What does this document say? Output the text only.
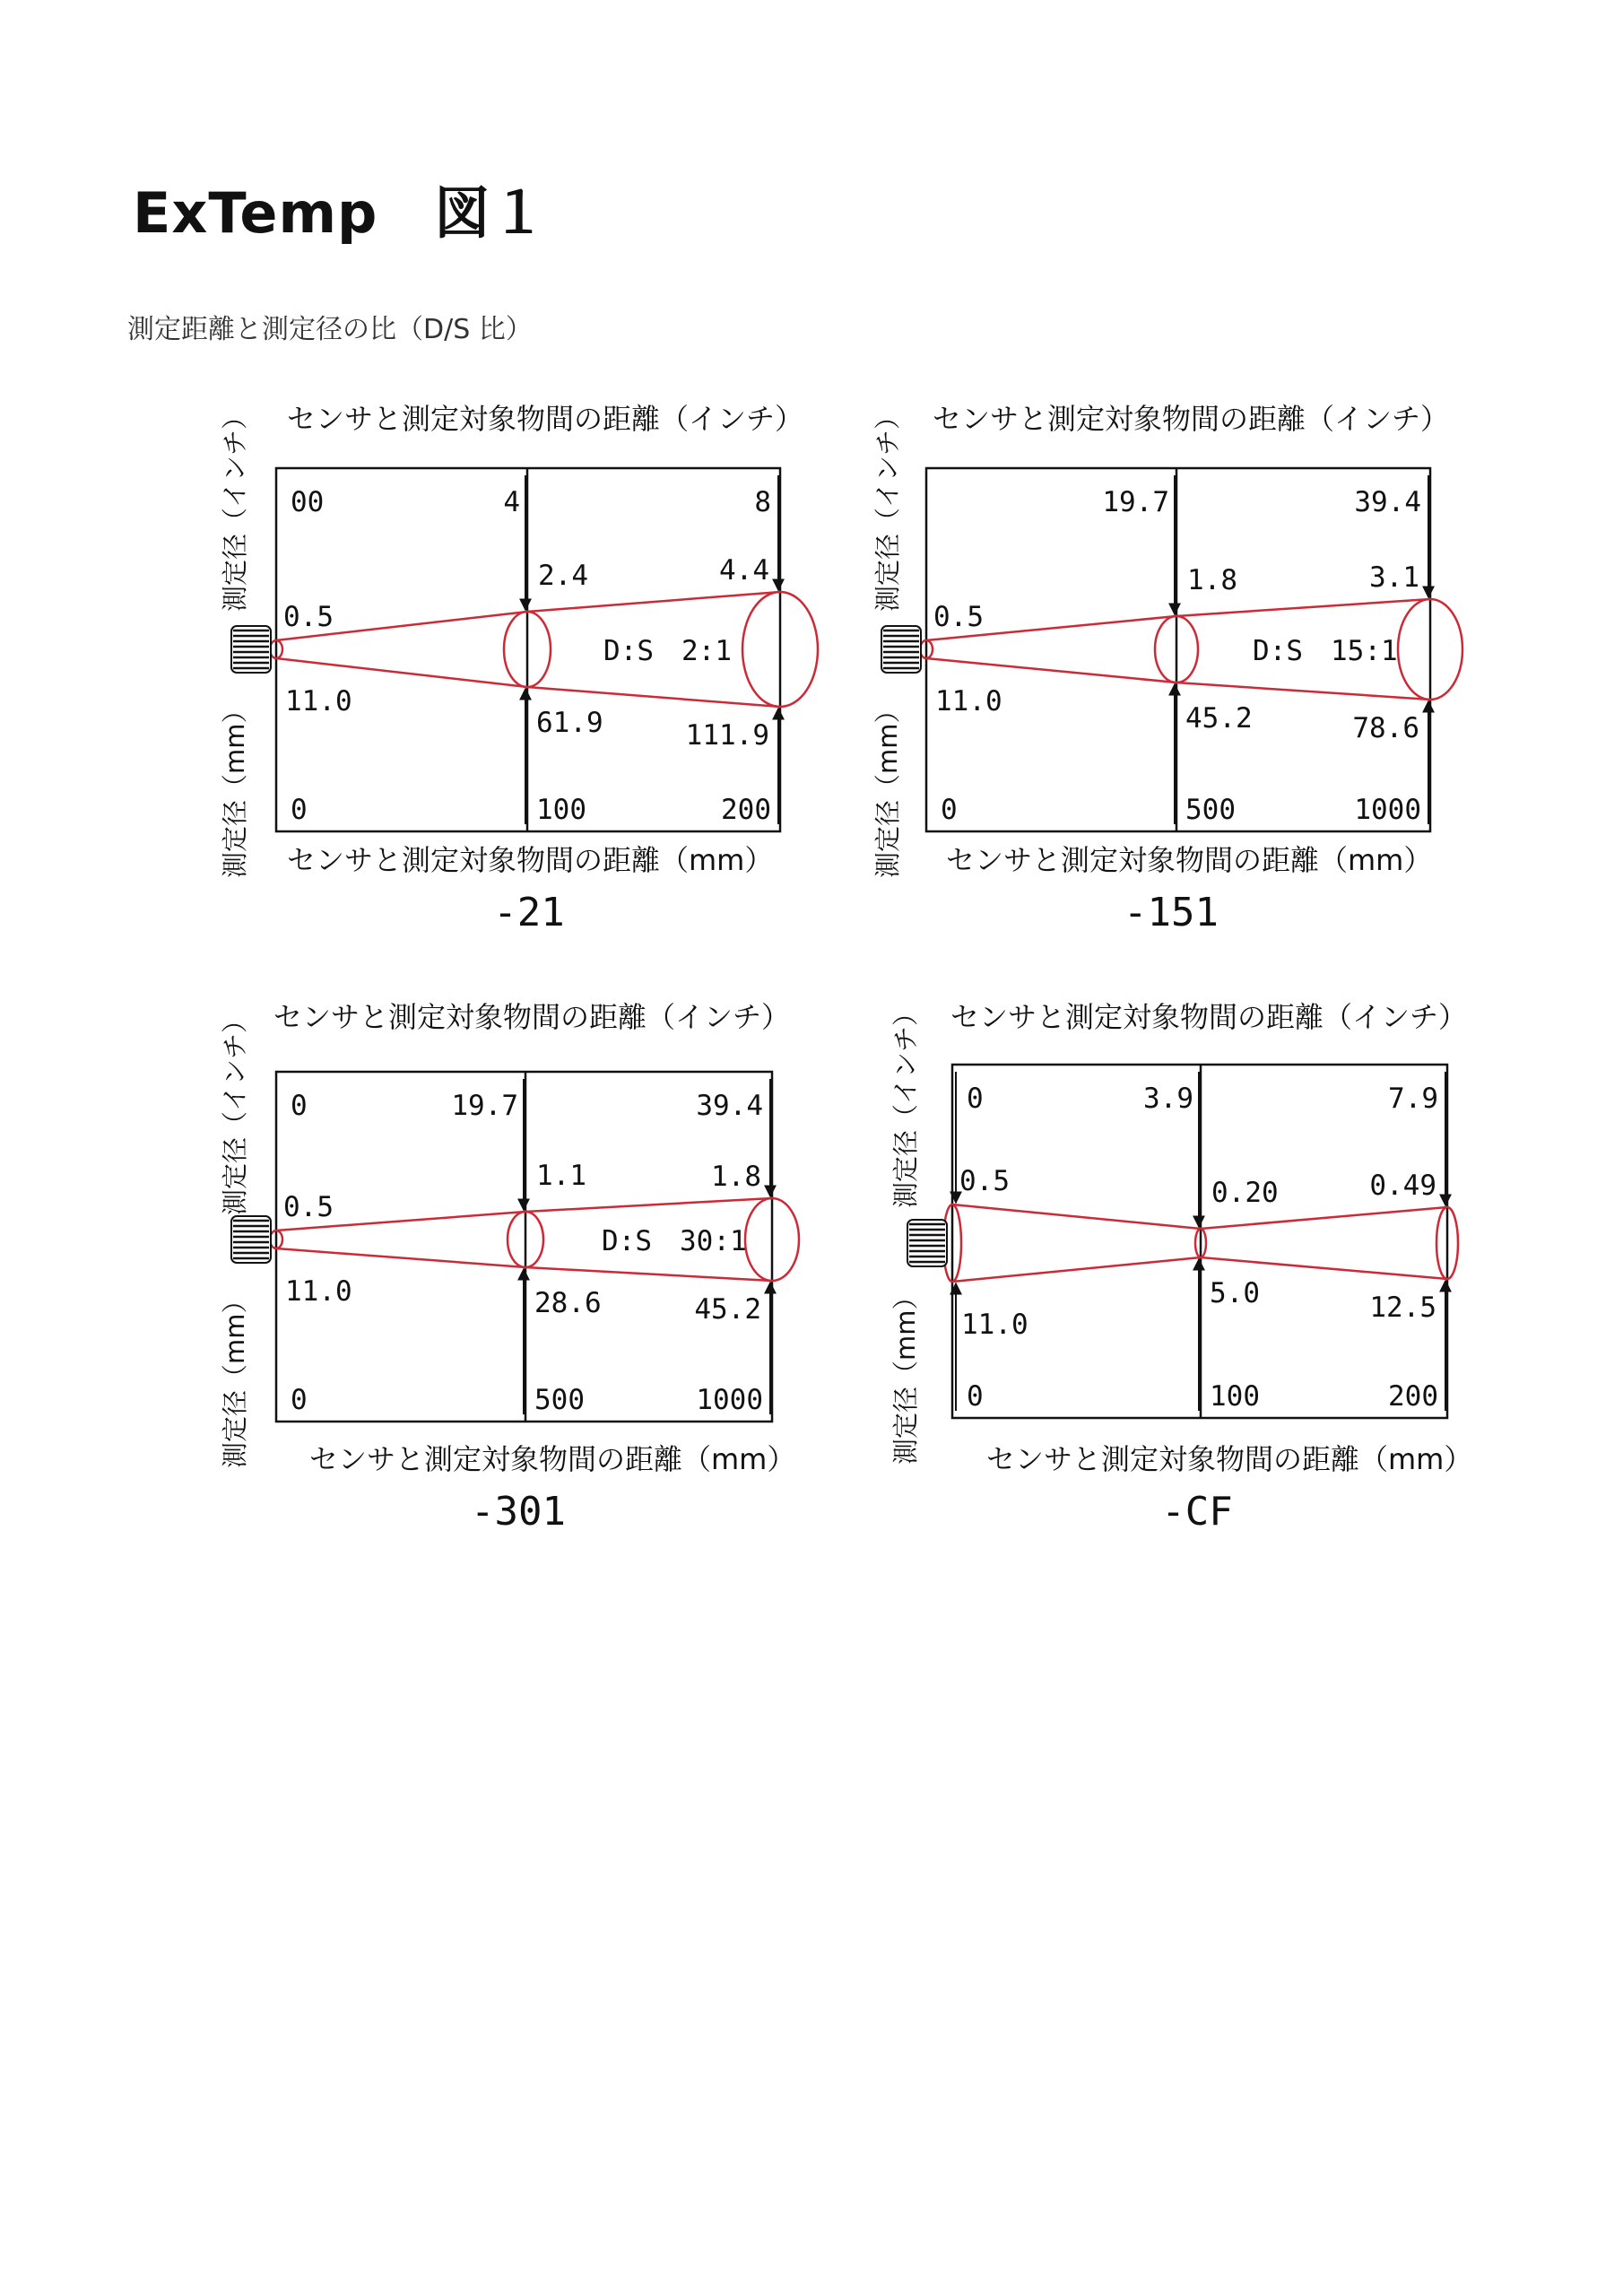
ExTemp　図１
測定距離と測定径の比（D/S 比）
00	4	8
0	100	200
0.5
2.4	4.4
11.0
61.9	111.9
D:S　2:1
センサと測定対象物間の距離（インチ）
センサと測定対象物間の距離（mm）
測定径（インチ）
測定径（mm）
-21
19.7	39.4
0	500	1000
0.5
1.8	3.1
11.0
45.2	78.6
D:S　15:1
センサと測定対象物間の距離（インチ）
センサと測定対象物間の距離（mm）
測定径（インチ）
測定径（mm）
-151
0	19.7	39.4
0	500	1000
0.5
1.1	1.8
11.0	28.6	45.2
D:S　30:1
センサと測定対象物間の距離（インチ）
センサと測定対象物間の距離（mm）
測定径（インチ）
測定径（mm）
-301
0	3.9	7.9
0	100	200
0.5	0.20	0.49
11.0
5.0	12.5
センサと測定対象物間の距離（インチ）
センサと測定対象物間の距離（mm）
測定径（インチ）
測定径（mm）
-CF
